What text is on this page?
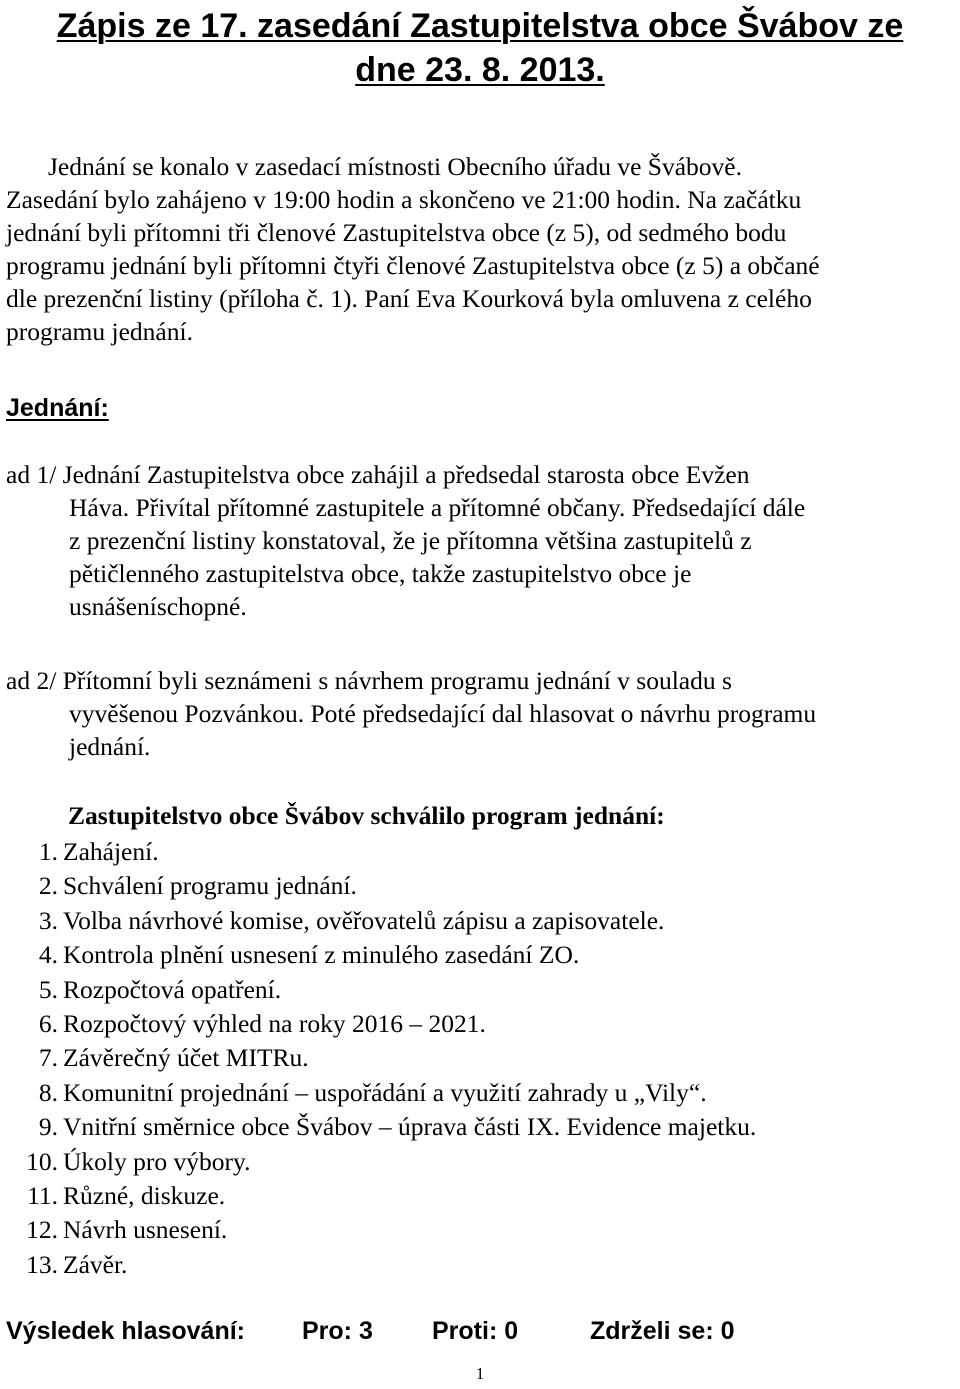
Zápis ze 17. zasedání Zastupitelstva obce Švábov ze
dne 23. 8. 2013.
Jednání se konalo v zasedací místnosti Obecního úřadu ve Švábově.
Zasedání bylo zahájeno v 19:00 hodin a skončeno ve 21:00 hodin. Na začátku
jednání byli přítomni tři členové Zastupitelstva obce (z 5), od sedmého bodu
programu jednání byli přítomni čtyři členové Zastupitelstva obce (z 5) a občané
dle prezenční listiny (příloha č. 1). Paní Eva Kourková byla omluvena z celého
programu jednání.
Jednání:
ad 1/ Jednání Zastupitelstva obce zahájil a předsedal starosta obce Evžen
Háva. Přivítal přítomné zastupitele a přítomné občany. Předsedající dále
z prezenční listiny konstatoval, že je přítomna většina zastupitelů z
pětičlenného zastupitelstva obce, takže zastupitelstvo obce je
usnášeníschopné.
ad 2/ Přítomní byli seznámeni s návrhem programu jednání v souladu s
vyvěšenou Pozvánkou. Poté předsedající dal hlasovat o návrhu programu
jednání.
Zastupitelstvo obce Švábov schválilo program jednání:
1. Zahájení.
2. Schválení programu jednání.
3. Volba návrhové komise, ověřovatelů zápisu a zapisovatele.
4. Kontrola plnění usnesení z minulého zasedání ZO.
5. Rozpočtová opatření.
6. Rozpočtový výhled na roky 2016 – 2021.
7. Závěrečný účet MITRu.
8. Komunitní projednání – uspořádání a využití zahrady u „Vily“.
9. Vnitřní směrnice obce Švábov – úprava části IX. Evidence majetku.
10. Úkoly pro výbory.
11. Různé, diskuze.
12. Návrh usnesení.
13. Závěr.
Výsledek hlasování: Pro: 3 Proti: 0	Zdrželi se: 0
1
